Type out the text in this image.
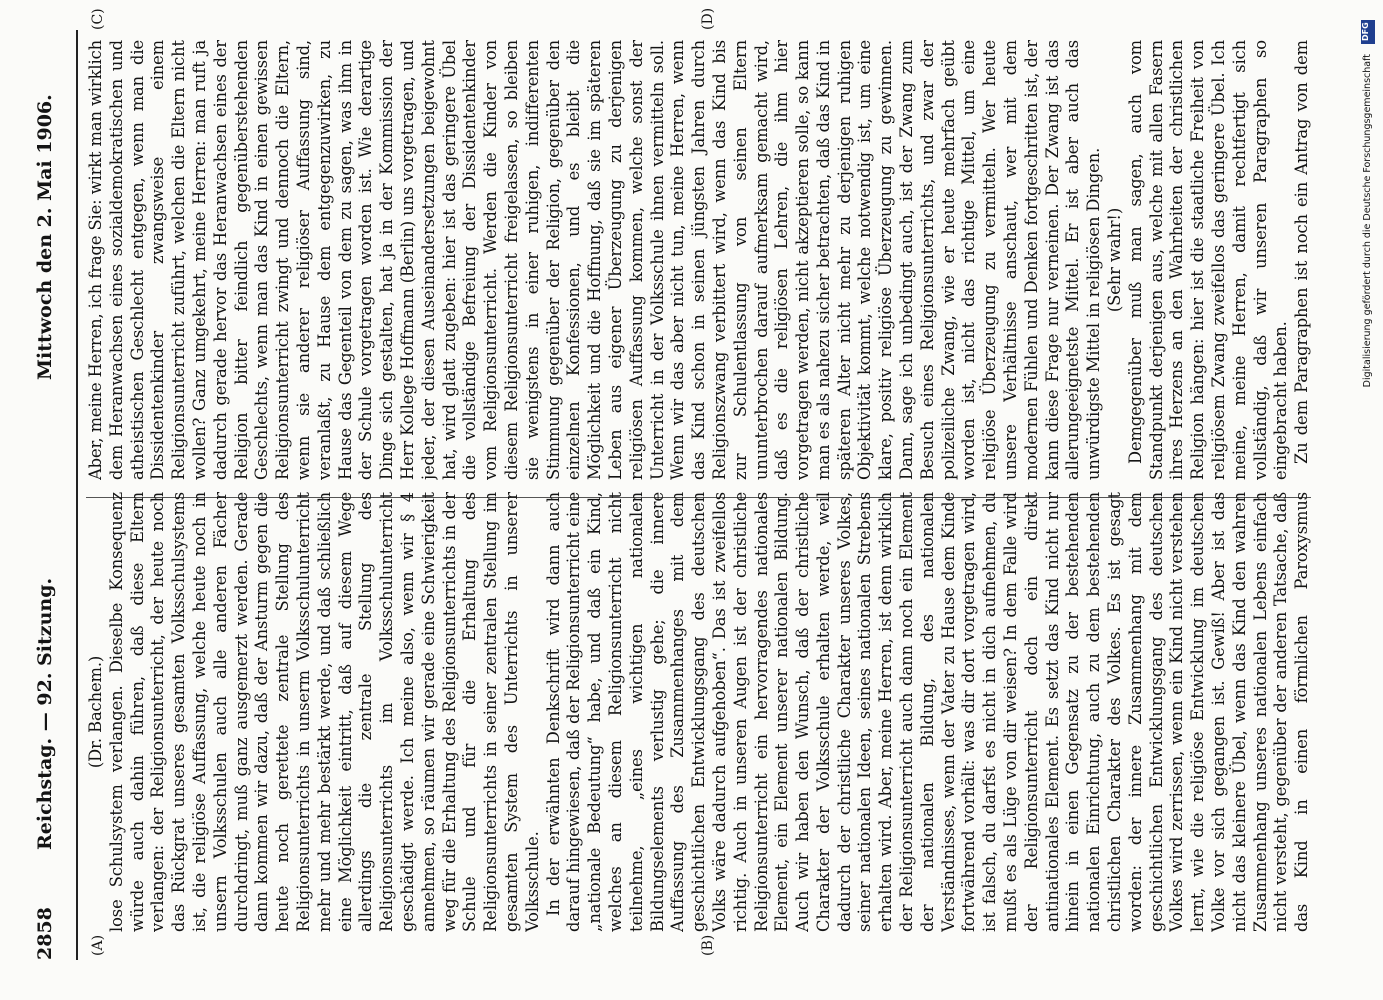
2858
Reichstag. — 92. Sitzung.
Mittwoch den 2. Mai 1906.
(A)	(B)
(C)	(D)

(Dr. Bachem.) lose Schulsystem verlangen. Dieselbe Konsequenz würde auch dahin führen, daß diese Eltern verlangen: der Religionsunterricht, der heute noch das Rückgrat unseres gesamten Volksschulsystems ist, die religiöse Auffassung, welche heute noch in unsern Volksschulen auch alle anderen Fächer durchdringt, muß ganz ausgemerzt werden. Gerade dann kommen wir dazu, daß der Ansturm gegen die heute noch gerettete zentrale Stellung des Religionsunterrichts in unserm Volksschulunterricht mehr und mehr bestärkt werde, und daß schließlich eine Möglichkeit eintritt, daß auf diesem Wege allerdings die zentrale Stellung des Religionsunterrichts im Volksschulunterricht geschädigt werde. Ich meine also, wenn wir § 4 annehmen, so räumen wir gerade eine Schwierigkeit weg für die Erhaltung des Religionsunterrichts in der Schule und für die Erhaltung des Religionsunterrichts in seiner zentralen Stellung im gesamten System des Unterrichts in unserer Volksschule. In der erwähnten Denkschrift wird dann auch darauf hingewiesen, daß der Religionsunterricht eine „nationale Bedeutung“ habe, und daß ein Kind, welches an diesem Religionsunterricht nicht teilnehme, „eines wichtigen nationalen Bildungselements verlustig gehe; die innere Auffassung des Zusammenhanges mit dem geschichtlichen Entwicklungsgang des deutschen Volks wäre dadurch aufgehoben“. Das ist zweifellos richtig. Auch in unseren Augen ist der christliche Religionsunterricht ein hervorragendes nationales Element, ein Element unserer nationalen Bildung. Auch wir haben den Wunsch, daß der christliche Charakter der Volksschule erhalten werde, weil dadurch der christliche Charakter unseres Volkes, seiner nationalen Ideen, seines nationalen Strebens erhalten wird. Aber, meine Herren, ist denn wirklich der Religionsunterricht auch dann noch ein Element der nationalen Bildung, des nationalen Verständnisses, wenn der Vater zu Hause dem Kinde fortwährend vorhält: was dir dort vorgetragen wird, ist falsch, du darfst es nicht in dich aufnehmen, du mußt es als Lüge von dir weisen? In dem Falle wird der Religionsunterricht doch ein direkt antinationales Element. Es setzt das Kind nicht nur hinein in einen Gegensatz zu der bestehenden nationalen Einrichtung, auch zu dem bestehenden christlichen Charakter des Volkes. Es ist gesagt worden: der innere Zusammenhang mit dem geschichtlichen Entwicklungsgang des deutschen Volkes wird zerrissen, wenn ein Kind nicht verstehen lernt, wie die religiöse Entwicklung im deutschen Volke vor sich gegangen ist. Gewiß! Aber ist das nicht das kleinere Übel, wenn das Kind den wahren Zusammenhang unseres nationalen Lebens einfach nicht versteht, gegenüber der anderen Tatsache, daß das Kind in einen förmlichen Paroxysmus

Aber, meine Herren, ich frage Sie: wirkt man wirklich dem Heranwachsen eines sozialdemokratischen und atheistischen Geschlecht entgegen, wenn man die Dissidentenkinder zwangsweise einem Religionsunterricht zuführt, welchen die Eltern nicht wollen? Ganz umgekehrt, meine Herren: man ruft ja dadurch gerade hervor das Heranwachsen eines der Religion bitter feindlich gegenüberstehenden Geschlechts, wenn man das Kind in einen gewissen Religionsunterricht zwingt und dennoch die Eltern, wenn sie anderer religiöser Auffassung sind, veranlaßt, zu Hause dem entgegenzuwirken, zu Hause das Gegenteil von dem zu sagen, was ihm in der Schule vorgetragen worden ist. Wie derartige Dinge sich gestalten, hat ja in der Kommission der Herr Kollege Hoffmann (Berlin) uns vorgetragen, und jeder, der diesen Auseinandersetzungen beigewohnt hat, wird glatt zugeben: hier ist das geringere Übel die vollständige Befreiung der Dissidentenkinder vom Religionsunterricht. Werden die Kinder von diesem Religionsunterricht freigelassen, so bleiben sie wenigstens in einer ruhigen, indifferenten Stimmung gegenüber der Religion, gegenüber den einzelnen Konfessionen, und es bleibt die Möglichkeit und die Hoffnung, daß sie im späteren Leben aus eigener Überzeugung zu derjenigen religiösen Auffassung kommen, welche sonst der Unterricht in der Volksschule ihnen vermitteln soll. Wenn wir das aber nicht tun, meine Herren, wenn das Kind schon in seinen jüngsten Jahren durch Religionszwang verbittert wird, wenn das Kind bis zur Schulentlassung von seinen Eltern ununterbrochen darauf aufmerksam gemacht wird, daß es die religiösen Lehren, die ihm hier vorgetragen werden, nicht akzeptieren solle, so kann man es als nahezu sicher betrachten, daß das Kind in späteren Alter nicht mehr zu derjenigen ruhigen Objektivität kommt, welche notwendig ist, um eine klare, positiv religiöse Überzeugung zu gewinnen. Dann, sage ich unbedingt auch, ist der Zwang zum Besuch eines Religionsunterrichts, und zwar der polizeiliche Zwang, wie er heute mehrfach geübt worden ist, nicht das richtige Mittel, um eine religiöse Überzeugung zu vermitteln. Wer heute unsere Verhältnisse anschaut, wer mit dem modernen Fühlen und Denken fortgeschritten ist, der kann diese Frage nur verneinen. Der Zwang ist das allerungeeignetste Mittel. Er ist aber auch das unwürdigste Mittel in religiösen Dingen. (Sehr wahr!) Demgegenüber muß man sagen, auch vom Standpunkt derjenigen aus, welche mit allen Fasern ihres Herzens an den Wahrheiten der christlichen Religion hängen: hier ist die staatliche Freiheit von religiösem Zwang zweifellos das geringere Übel. Ich meine, meine Herren, damit rechtfertigt sich vollständig, daß wir unseren Paragraphen so eingebracht haben. Zu dem Paragraphen ist noch ein Antrag von dem

DFG
Digitalisierung gefördert durch die Deutsche Forschungsgemeinschaft
